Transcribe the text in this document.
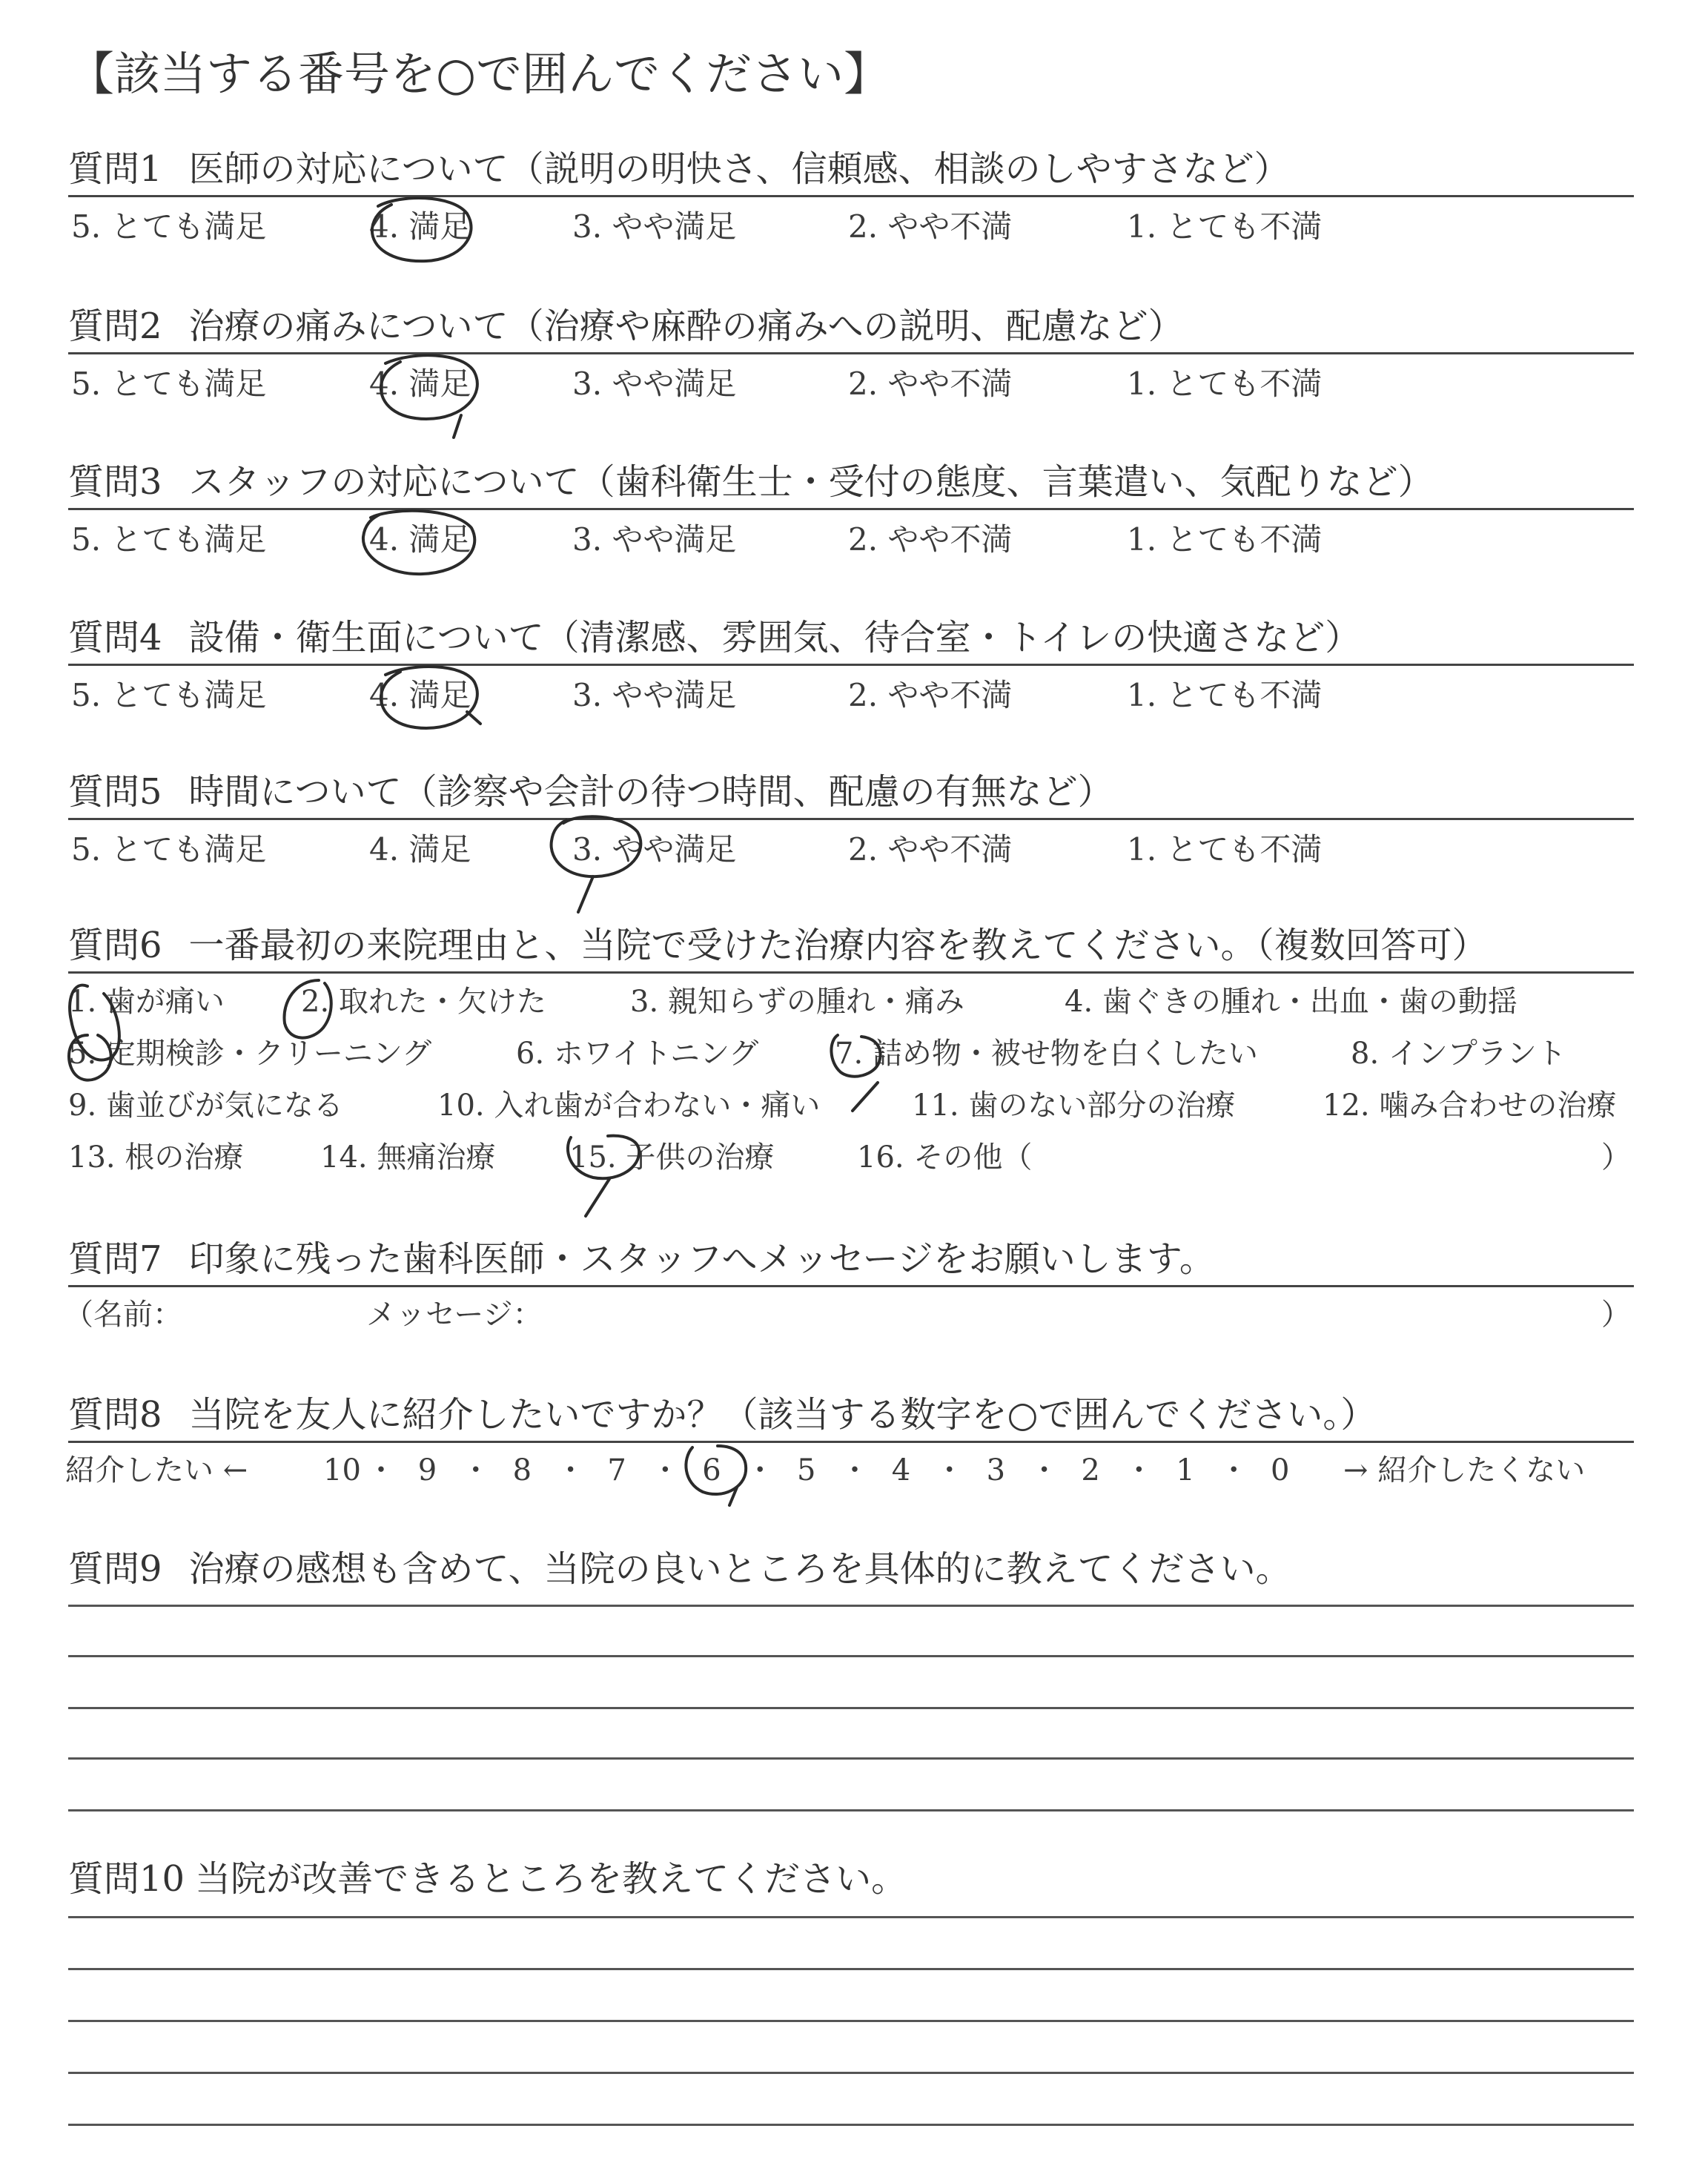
【該当する番号を○で囲んでください】
質問1 医師の対応について（説明の明快さ、信頼感、相談のしやすさなど）
5. とても満足	4. 満足	3. やや満足	2. やや不満	1. とても不満
質問2 治療の痛みについて（治療や麻酔の痛みへの説明、配慮など）
5. とても満足	4. 満足	3. やや満足	2. やや不満	1. とても不満
質問3 スタッフの対応について（歯科衛生士・受付の態度、言葉遣い、気配りなど）
5. とても満足	4. 満足	3. やや満足	2. やや不満	1. とても不満
質問4 設備・衛生面について（清潔感、雰囲気、待合室・トイレの快適さなど）
5. とても満足	4. 満足	3. やや満足	2. やや不満	1. とても不満
質問5 時間について（診察や会計の待つ時間、配慮の有無など）
5. とても満足	4. 満足	3. やや満足	2. やや不満	1. とても不満
質問6 一番最初の来院理由と、当院で受けた治療内容を教えてください。（複数回答可）
1. 歯が痛い	2. 取れた・欠けた	3. 親知らずの腫れ・痛み	4. 歯ぐきの腫れ・出血・歯の動揺
5. 定期検診・クリーニング	6. ホワイトニング	7. 詰め物・被せ物を白くしたい	8. インプラント
9. 歯並びが気になる	10. 入れ歯が合わない・痛い	11. 歯のない部分の治療	12. 噛み合わせの治療
13. 根の治療	14. 無痛治療 15. 子供の治療	16. その他（	）
質問7 印象に残った歯科医師・スタッフへメッセージをお願いします。
（名前：	メッセージ：	）
質問8 当院を友人に紹介したいですか？（該当する数字を○で囲んでください。）
紹介したい ←	10 ・ 9 ・ 8 ・ 7 ・ 6 ・ 5 ・ 4 ・ 3 ・ 2 ・ 1 ・ 0 → 紹介したくない
質問9 治療の感想も含めて、当院の良いところを具体的に教えてください。
質問10 当院が改善できるところを教えてください。
